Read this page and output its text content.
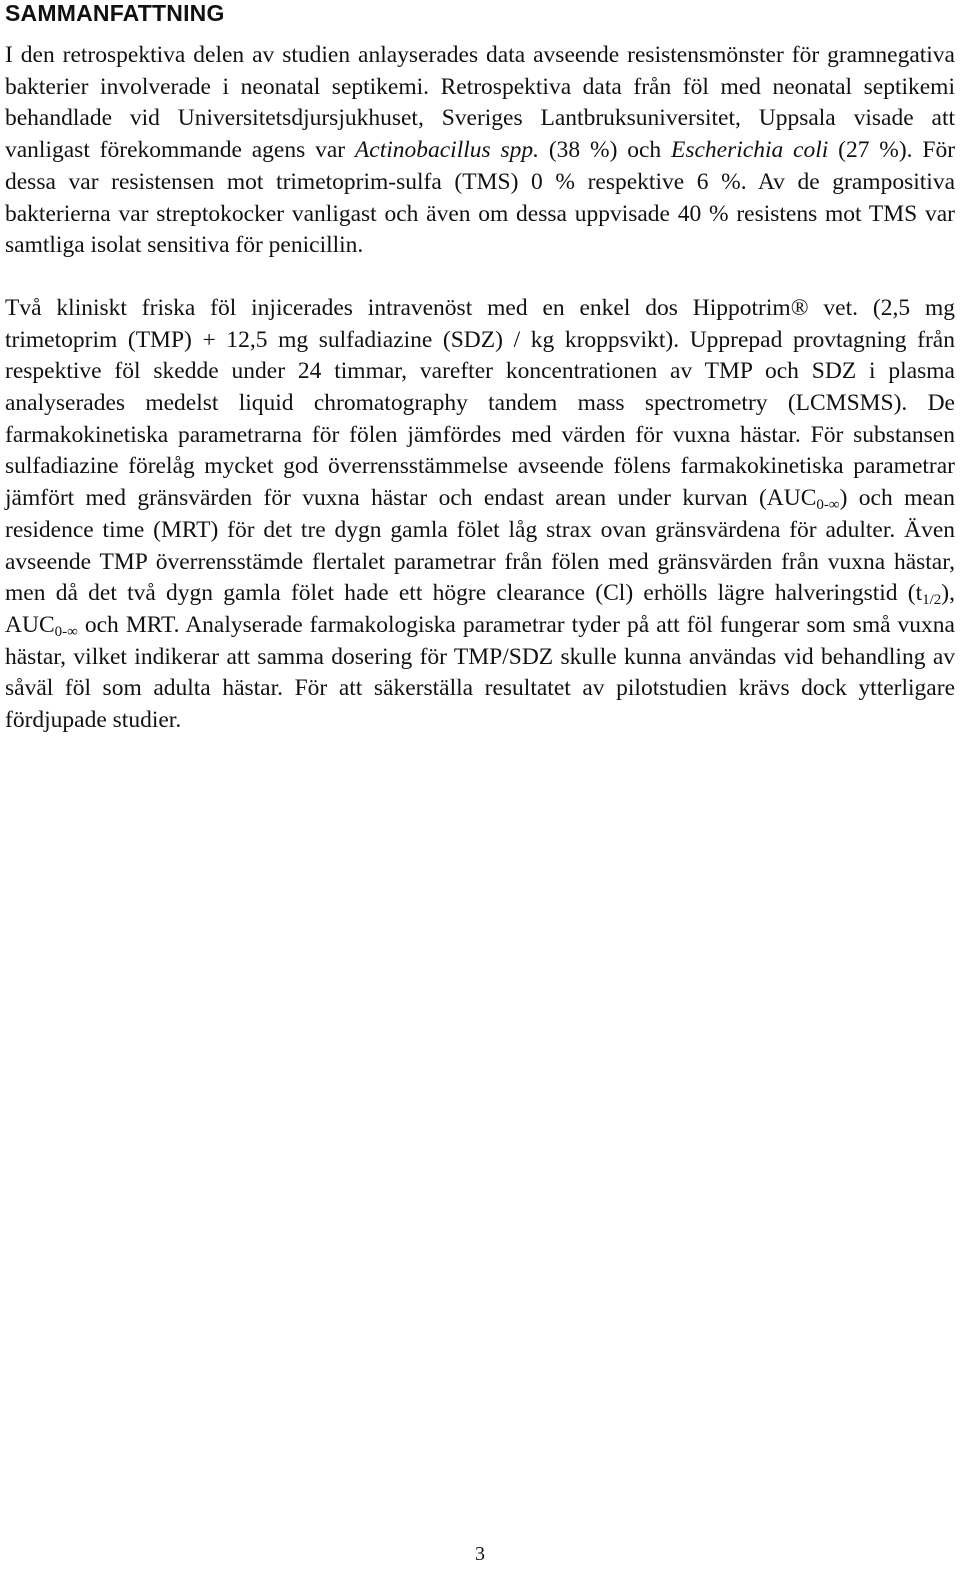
SAMMANFATTNING

I den retrospektiva delen av studien anlayserades data avseende resistensmönster för gramnegativa bakterier involverade i neonatal septikemi. Retrospektiva data från föl med neonatal septikemi behandlade vid Universitetsdjursjukhuset, Sveriges Lantbruksuniversitet, Uppsala visade att vanligast förekommande agens var Actinobacillus spp. (38 %) och Escherichia coli (27 %). För dessa var resistensen mot trimetoprim-sulfa (TMS) 0 % respektive 6 %. Av de grampositiva bakterierna var streptokocker vanligast och även om dessa uppvisade 40 % resistens mot TMS var samtliga isolat sensitiva för penicillin.

Två kliniskt friska föl injicerades intravenöst med en enkel dos Hippotrim® vet. (2,5 mg trimetoprim (TMP) + 12,5 mg sulfadiazine (SDZ) / kg kroppsvikt). Upprepad provtagning från respektive föl skedde under 24 timmar, varefter koncentrationen av TMP och SDZ i plasma analyserades medelst liquid chromatography tandem mass spectrometry (LCMSMS). De farmakokinetiska parametrarna för fölen jämfördes med värden för vuxna hästar. För substansen sulfadiazine förelåg mycket god överrensstämmelse avseende fölens farmakokinetiska parametrar jämfört med gränsvärden för vuxna hästar och endast arean under kurvan $(AUC_{0-\infty})$ och mean residence time (MRT) för det tre dygn gamla fölet låg strax ovan gränsvärdena för adulter. Även avseende TMP överrensstämde flertalet parametrar från fölen med gränsvärden från vuxna hästar, men då det två dygn gamla fölet hade ett högre clearance (Cl) erhölls lägre halveringstid $(t_{1/2})$, $AUC_{0-\infty}$ och MRT. Analyserade farmakologiska parametrar tyder på att föl fungerar som små vuxna hästar, vilket indikerar att samma dosering för TMP/SDZ skulle kunna användas vid behandling av såväl föl som adulta hästar. För att säkerställa resultatet av pilotstudien krävs dock ytterligare fördjupade studier.

3
